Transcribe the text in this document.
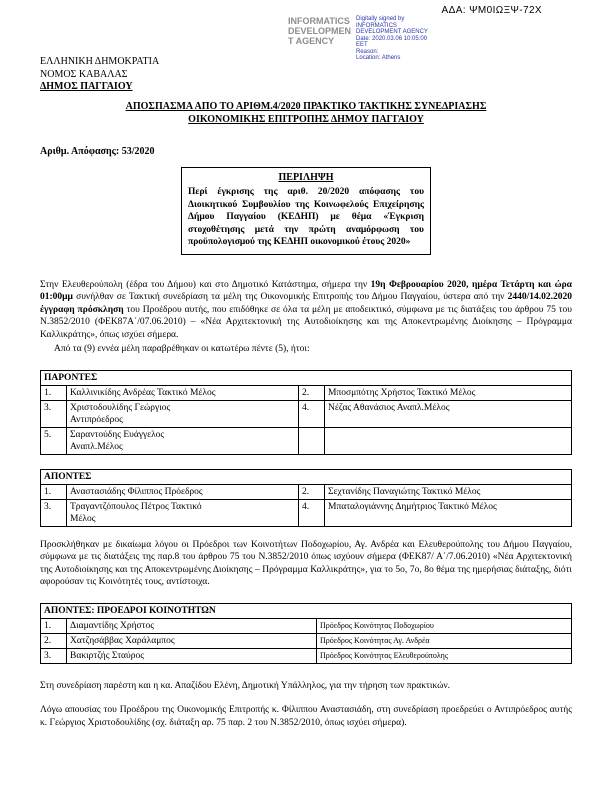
ΑΔΑ: ΨΜ0ΙΩΞΨ-72Χ
INFORMATICS
DEVELOPMEN
T AGENCY
Digitally signed by
INFORMATICS
DEVELOPMENT AGENCY
Date: 2020.03.06 10:05:00
EET
Reason:
Location: Athens
ΕΛΛΗΝΙΚΗ ΔΗΜΟΚΡΑΤΙΑ
ΝΟΜΟΣ ΚΑΒΑΛΑΣ
ΔΗΜΟΣ ΠΑΓΓΑΙΟΥ
ΑΠΟΣΠΑΣΜΑ ΑΠΟ ΤΟ ΑΡΙΘΜ.4/2020 ΠΡΑΚΤΙΚΟ ΤΑΚΤΙΚΗΣ ΣΥΝΕΔΡΙΑΣΗΣ
ΟΙΚΟΝΟΜΙΚΗΣ ΕΠΙΤΡΟΠΗΣ ΔΗΜΟΥ ΠΑΓΓΑΙΟΥ
Αριθμ. Απόφασης: 53/2020
ΠΕΡΙΛΗΨΗ
Περί έγκρισης της αριθ. 20/2020 απόφασης του Διοικητικού Συμβουλίου της Κοινωφελούς Επιχείρησης Δήμου Παγγαίου (ΚΕΔΗΠ) με θέμα «Έγκριση στοχοθέτησης μετά την πρώτη αναμόρφωση του προϋπολογισμού της ΚΕΔΗΠ οικονομικού έτους 2020»

Στην Ελευθερούπολη (έδρα του Δήμου) και στο Δημοτικό Κατάστημα, σήμερα την 19η Φεβρουαρίου 2020, ημέρα Τετάρτη και ώρα 01:00μμ συνήλθαν σε Τακτική συνεδρίαση τα μέλη της Οικονομικής Επιτροπής του Δήμου Παγγαίου, ύστερα από την 2440/14.02.2020 έγγραφη πρόσκληση του Προέδρου αυτής, που επιδόθηκε σε όλα τα μέλη με αποδεικτικό, σύμφωνα με τις διατάξεις του άρθρου 75 του Ν.3852/2010 (ΦΕΚ87Α΄/07.06.2010) – «Νέα Αρχιτεκτονική της Αυτοδιοίκησης και της Αποκεντρωμένης Διοίκησης – Πρόγραμμα Καλλικράτης», όπως ισχύει σήμερα.

Από τα (9) εννέα μέλη παραβρέθηκαν οι κατωτέρω πέντε (5), ήτοι:

ΠΑΡΟΝΤΕΣ			
1.	Καλλινικίδης Ανδρέας Τακτικό Μέλος	2.	Μποσμπότης Χρήστος Τακτικό Μέλος

3.	Χριστοδουλίδης Γεώργιος
Αντιπρόεδρος	4.	Νέζας Αθανάσιος Αναπλ.Μέλος

5.	Σαραντούδης Ευάγγελος
Αναπλ.Μέλος		

ΑΠΟΝΤΕΣ			
1.	Αναστασιάδης Φίλιππος Πρόεδρος	2.	Σεχτανίδης Παναγιώτης Τακτικό Μέλος

3.	Τραγαντζόπουλος Πέτρος Τακτικό
Μέλος	4.	Μπαταλογιάννης Δημήτριος Τακτικό Μέλος

Προσκλήθηκαν με δικαίωμα λόγου οι Πρόεδροι των Κοινοτήτων Ποδοχωρίου, Αγ. Ανδρέα και Ελευθερούπολης του Δήμου Παγγαίου, σύμφωνα με τις διατάξεις της παρ.8 του άρθρου 75 του Ν.3852/2010 όπως ισχύουν σήμερα (ΦΕΚ87/ Α΄/7.06.2010) «Νέα Αρχιτεκτονική της Αυτοδιοίκησης και της Αποκεντρωμένης Διοίκησης – Πρόγραμμα Καλλικράτης», για το 5ο, 7ο, 8ο θέμα της ημερήσιας διάταξης, διότι αφορούσαν τις Κοινότητές τους, αντίστοιχα.

ΑΠΟΝΤΕΣ: ΠΡΟΕΔΡΟΙ ΚΟΙΝΟΤΗΤΩΝ		
1.	Διαμαντίδης Χρήστος	Πρόεδρος Κοινότητας Ποδοχωρίου
2.	Χατζησάββας Χαράλαμπος	Πρόεδρος Κοινότητας Αγ. Ανδρέα
3.	Βακιρτζής Σταύρος	Πρόεδρος Κοινότητας Ελευθερούπολης

Στη συνεδρίαση παρέστη και η κα. Απαζίδου Ελένη, Δημοτική Υπάλληλος, για την τήρηση των πρακτικών.

Λόγω απουσίας του Προέδρου της Οικονομικής Επιτροπής κ. Φίλιππου Αναστασιάδη, στη συνεδρίαση προεδρεύει ο Αντιπρόεδρος αυτής κ. Γεώργιος Χριστοδουλίδης (σχ. διάταξη αρ. 75 παρ. 2 του Ν.3852/2010, όπως ισχύει σήμερα).
